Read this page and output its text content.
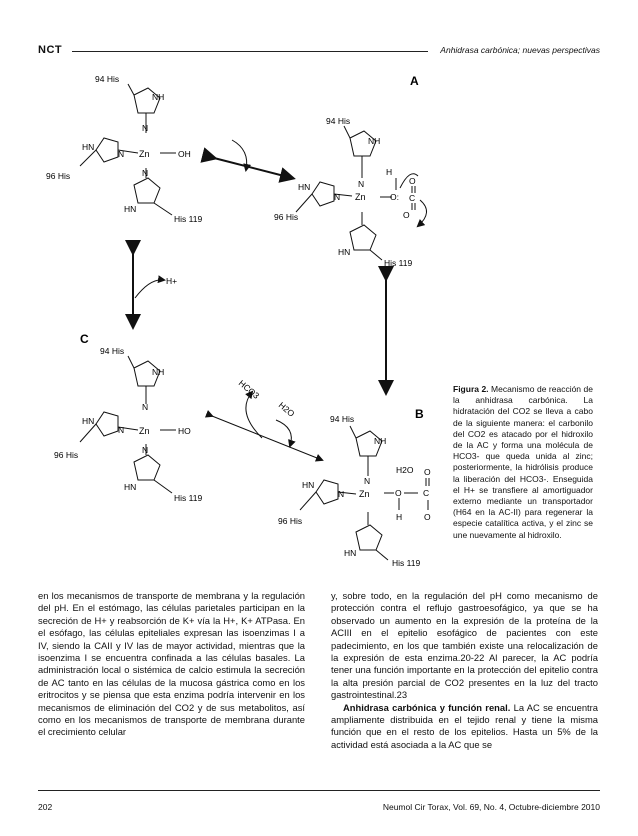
NCT	Anhidrasa carbónica; nuevas perspectivas
A
B
C
94 His
NH
N
HN
N Zn	OH
96 His	N
HN
His 119
94 His
NH
N
HN
N Zn
H
O:
O
C
O
96 His
HN
His 119
94 His
NH
N
HN
N Zn	HO
96 His	N
HN
His 119
94 His
NH
N
HN
N Zn
H2O
O
O
C
H	O
96 His
HN
His 119
H+
HCO3
H2O
Figura 2. Mecanismo de reacción de la anhidrasa carbónica. La hidratación del CO2 se lleva a cabo de la siguiente manera: el carbonilo del CO2 es atacado por el hidroxilo de la AC y forma una molécula de HCO3- que queda unida al zinc; posteriormente, la hidrólisis produce la liberación del HCO3-. Enseguida el H+ se transfiere al amortiguador externo mediante un transportador (H64 en la AC-II) para regenerar la especie catalítica activa, y el zinc se une nuevamente al hidroxilo.

en los mecanismos de transporte de membrana y la regulación del pH. En el estómago, las células parietales participan en la secreción de H+ y reabsorción de K+ vía la H+, K+ ATPasa. En el esófago, las células epiteliales expresan las isoenzimas I a IV, siendo la CAII y IV las de mayor actividad, mientras que la isoenzima I se encuentra confinada a las células basales. La administración local o sistémica de calcio estimula la secreción de AC tanto en las células de la mucosa gástrica como en los eritrocitos y se piensa que esta enzima podría intervenir en los mecanismos de eliminación del CO2 y de sus metabolitos, así como en los mecanismos de transporte de membrana durante el crecimiento celular

y, sobre todo, en la regulación del pH como mecanismo de protección contra el reflujo gastroesofágico, ya que se ha observado un aumento en la expresión de la proteína de la ACIII en el epitelio esofágico de pacientes con este padecimiento, en los que también existe una relocalización de la expresión de esta enzima.20-22 Al parecer, la AC podría tener una función importante en la protección del epitelio contra la alta presión parcial de CO2 presentes en la luz del tracto gastrointestinal.23

Anhidrasa carbónica y función renal. La AC se encuentra ampliamente distribuida en el tejido renal y tiene la misma función que en el resto de los epitelios. Hasta un 5% de la actividad está asociada a la AC que se

202	Neumol Cir Torax, Vol. 69, No. 4, Octubre-diciembre 2010
